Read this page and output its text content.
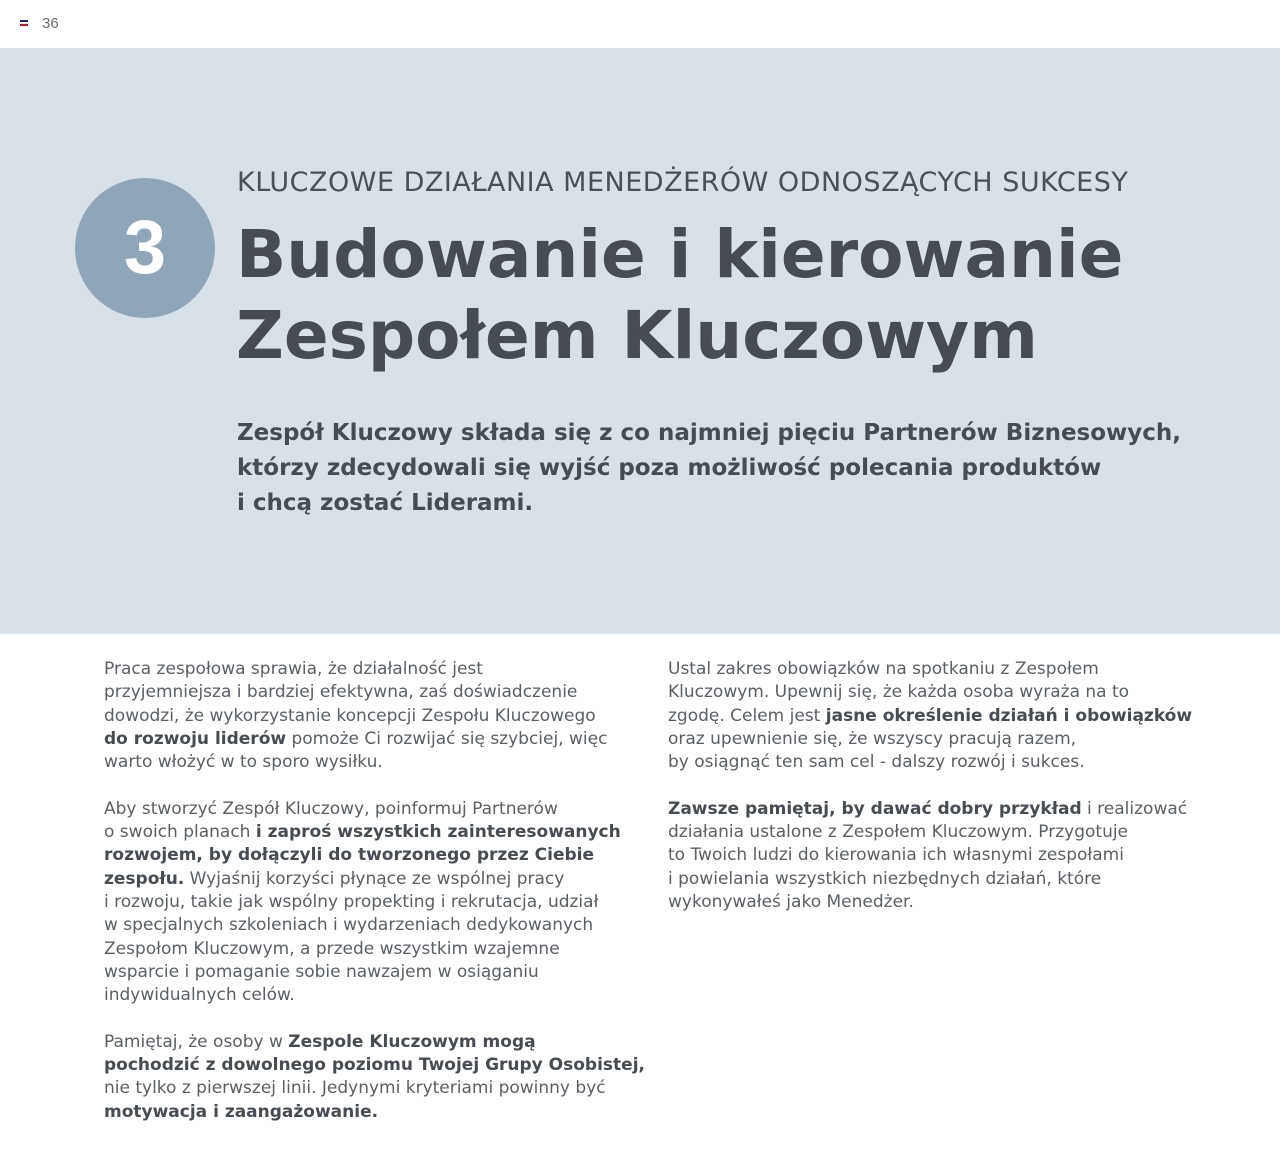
36
3
KLUCZOWE DZIAŁANIA MENEDŻERÓW ODNOSZĄCYCH SUKCESY
Budowanie i kierowanie
Zespołem Kluczowym

Zespół Kluczowy składa się z co najmniej pięciu Partnerów Biznesowych,
którzy zdecydowali się wyjść poza możliwość polecania produktów
i chcą zostać Liderami.

Praca zespołowa sprawia, że działalność jest
przyjemniejsza i bardziej efektywna, zaś doświadczenie
dowodzi, że wykorzystanie koncepcji Zespołu Kluczowego
do rozwoju liderów pomoże Ci rozwijać się szybciej, więc
warto włożyć w to sporo wysiłku.

Aby stworzyć Zespół Kluczowy, poinformuj Partnerów
o swoich planach i zaproś wszystkich zainteresowanych
rozwojem, by dołączyli do tworzonego przez Ciebie
zespołu. Wyjaśnij korzyści płynące ze wspólnej pracy
i rozwoju, takie jak wspólny propekting i rekrutacja, udział
w specjalnych szkoleniach i wydarzeniach dedykowanych
Zespołom Kluczowym, a przede wszystkim wzajemne
wsparcie i pomaganie sobie nawzajem w osiąganiu
indywidualnych celów.

Pamiętaj, że osoby w Zespole Kluczowym mogą
pochodzić z dowolnego poziomu Twojej Grupy Osobistej,
nie tylko z pierwszej linii. Jedynymi kryteriami powinny być
motywacja i zaangażowanie.

Ustal zakres obowiązków na spotkaniu z Zespołem
Kluczowym. Upewnij się, że każda osoba wyraża na to
zgodę. Celem jest jasne określenie działań i obowiązków
oraz upewnienie się, że wszyscy pracują razem,
by osiągnąć ten sam cel - dalszy rozwój i sukces.

Zawsze pamiętaj, by dawać dobry przykład i realizować
działania ustalone z Zespołem Kluczowym. Przygotuje
to Twoich ludzi do kierowania ich własnymi zespołami
i powielania wszystkich niezbędnych działań, które
wykonywałeś jako Menedżer.
